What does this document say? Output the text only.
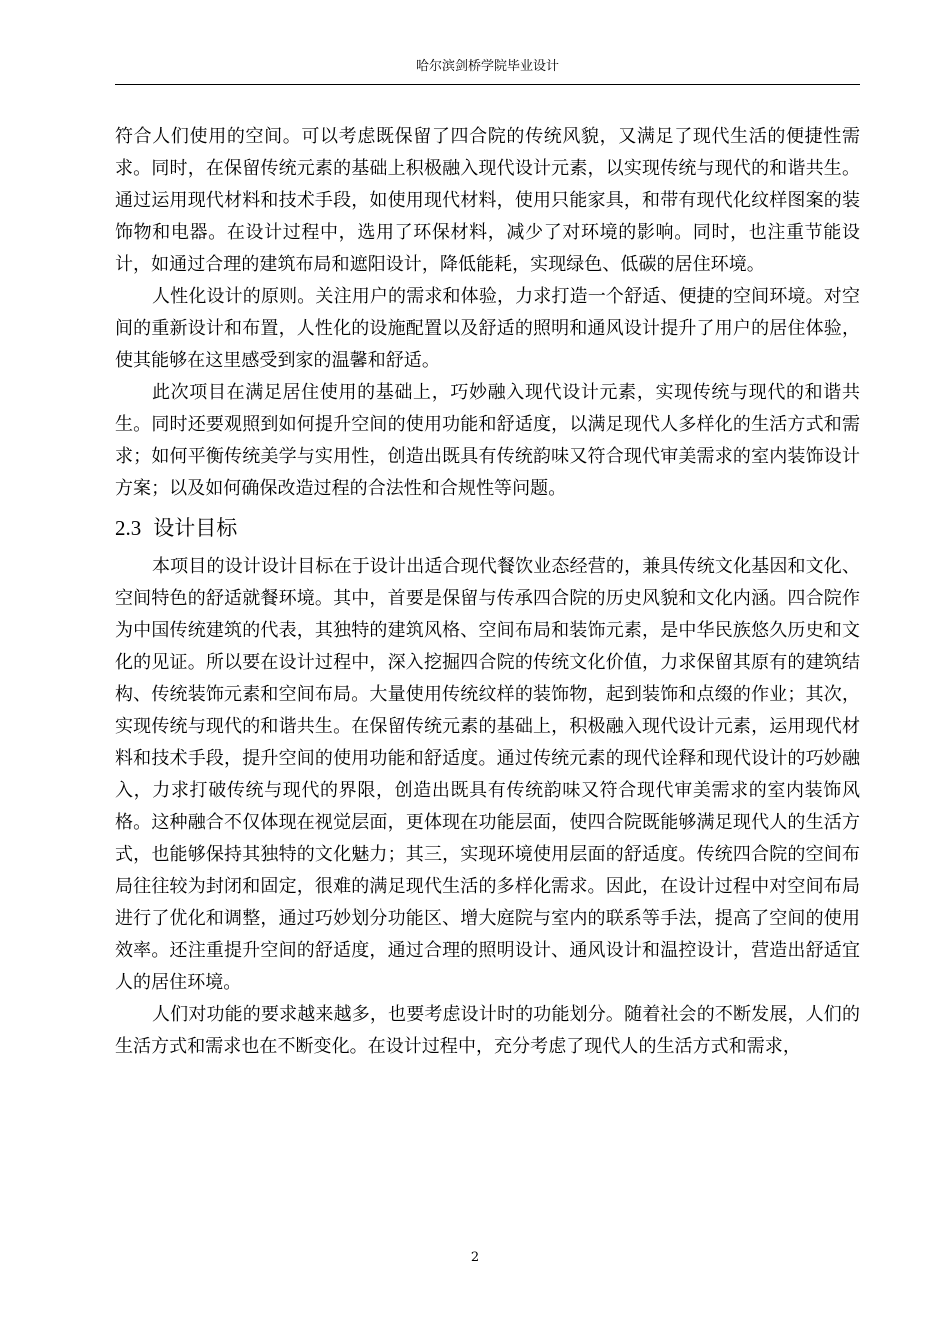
哈尔滨剑桥学院毕业设计

符合人们使用的空间。可以考虑既保留了四合院的传统风貌，又满足了现代生活的便捷性需求。同时，在保留传统元素的基础上积极融入现代设计元素，以实现传统与现代的和谐共生。通过运用现代材料和技术手段，如使用现代材料，使用只能家具，和带有现代化纹样图案的装饰物和电器。在设计过程中，选用了环保材料，减少了对环境的影响。同时，也注重节能设计，如通过合理的建筑布局和遮阳设计，降低能耗，实现绿色、低碳的居住环境。

人性化设计的原则。关注用户的需求和体验，力求打造一个舒适、便捷的空间环境。对空间的重新设计和布置，人性化的设施配置以及舒适的照明和通风设计提升了用户的居住体验，使其能够在这里感受到家的温馨和舒适。

此次项目在满足居住使用的基础上，巧妙融入现代设计元素，实现传统与现代的和谐共生。同时还要观照到如何提升空间的使用功能和舒适度，以满足现代人多样化的生活方式和需求；如何平衡传统美学与实用性，创造出既具有传统韵味又符合现代审美需求的室内装饰设计方案；以及如何确保改造过程的合法性和合规性等问题。

2.3 设计目标

本项目的设计设计目标在于设计出适合现代餐饮业态经营的，兼具传统文化基因和文化、空间特色的舒适就餐环境。其中，首要是保留与传承四合院的历史风貌和文化内涵。四合院作为中国传统建筑的代表，其独特的建筑风格、空间布局和装饰元素，是中华民族悠久历史和文化的见证。所以要在设计过程中，深入挖掘四合院的传统文化价值，力求保留其原有的建筑结构、传统装饰元素和空间布局。大量使用传统纹样的装饰物，起到装饰和点缀的作业；其次，实现传统与现代的和谐共生。在保留传统元素的基础上，积极融入现代设计元素，运用现代材料和技术手段，提升空间的使用功能和舒适度。通过传统元素的现代诠释和现代设计的巧妙融入，力求打破传统与现代的界限，创造出既具有传统韵味又符合现代审美需求的室内装饰风格。这种融合不仅体现在视觉层面，更体现在功能层面，使四合院既能够满足现代人的生活方式，也能够保持其独特的文化魅力；其三，实现环境使用层面的舒适度。传统四合院的空间布局往往较为封闭和固定，很难的满足现代生活的多样化需求。因此，在设计过程中对空间布局进行了优化和调整，通过巧妙划分功能区、增大庭院与室内的联系等手法，提高了空间的使用效率。还注重提升空间的舒适度，通过合理的照明设计、通风设计和温控设计，营造出舒适宜人的居住环境。

人们对功能的要求越来越多，也要考虑设计时的功能划分。随着社会的不断发展，人们的生活方式和需求也在不断变化。在设计过程中，充分考虑了现代人的生活方式和需求，

2
